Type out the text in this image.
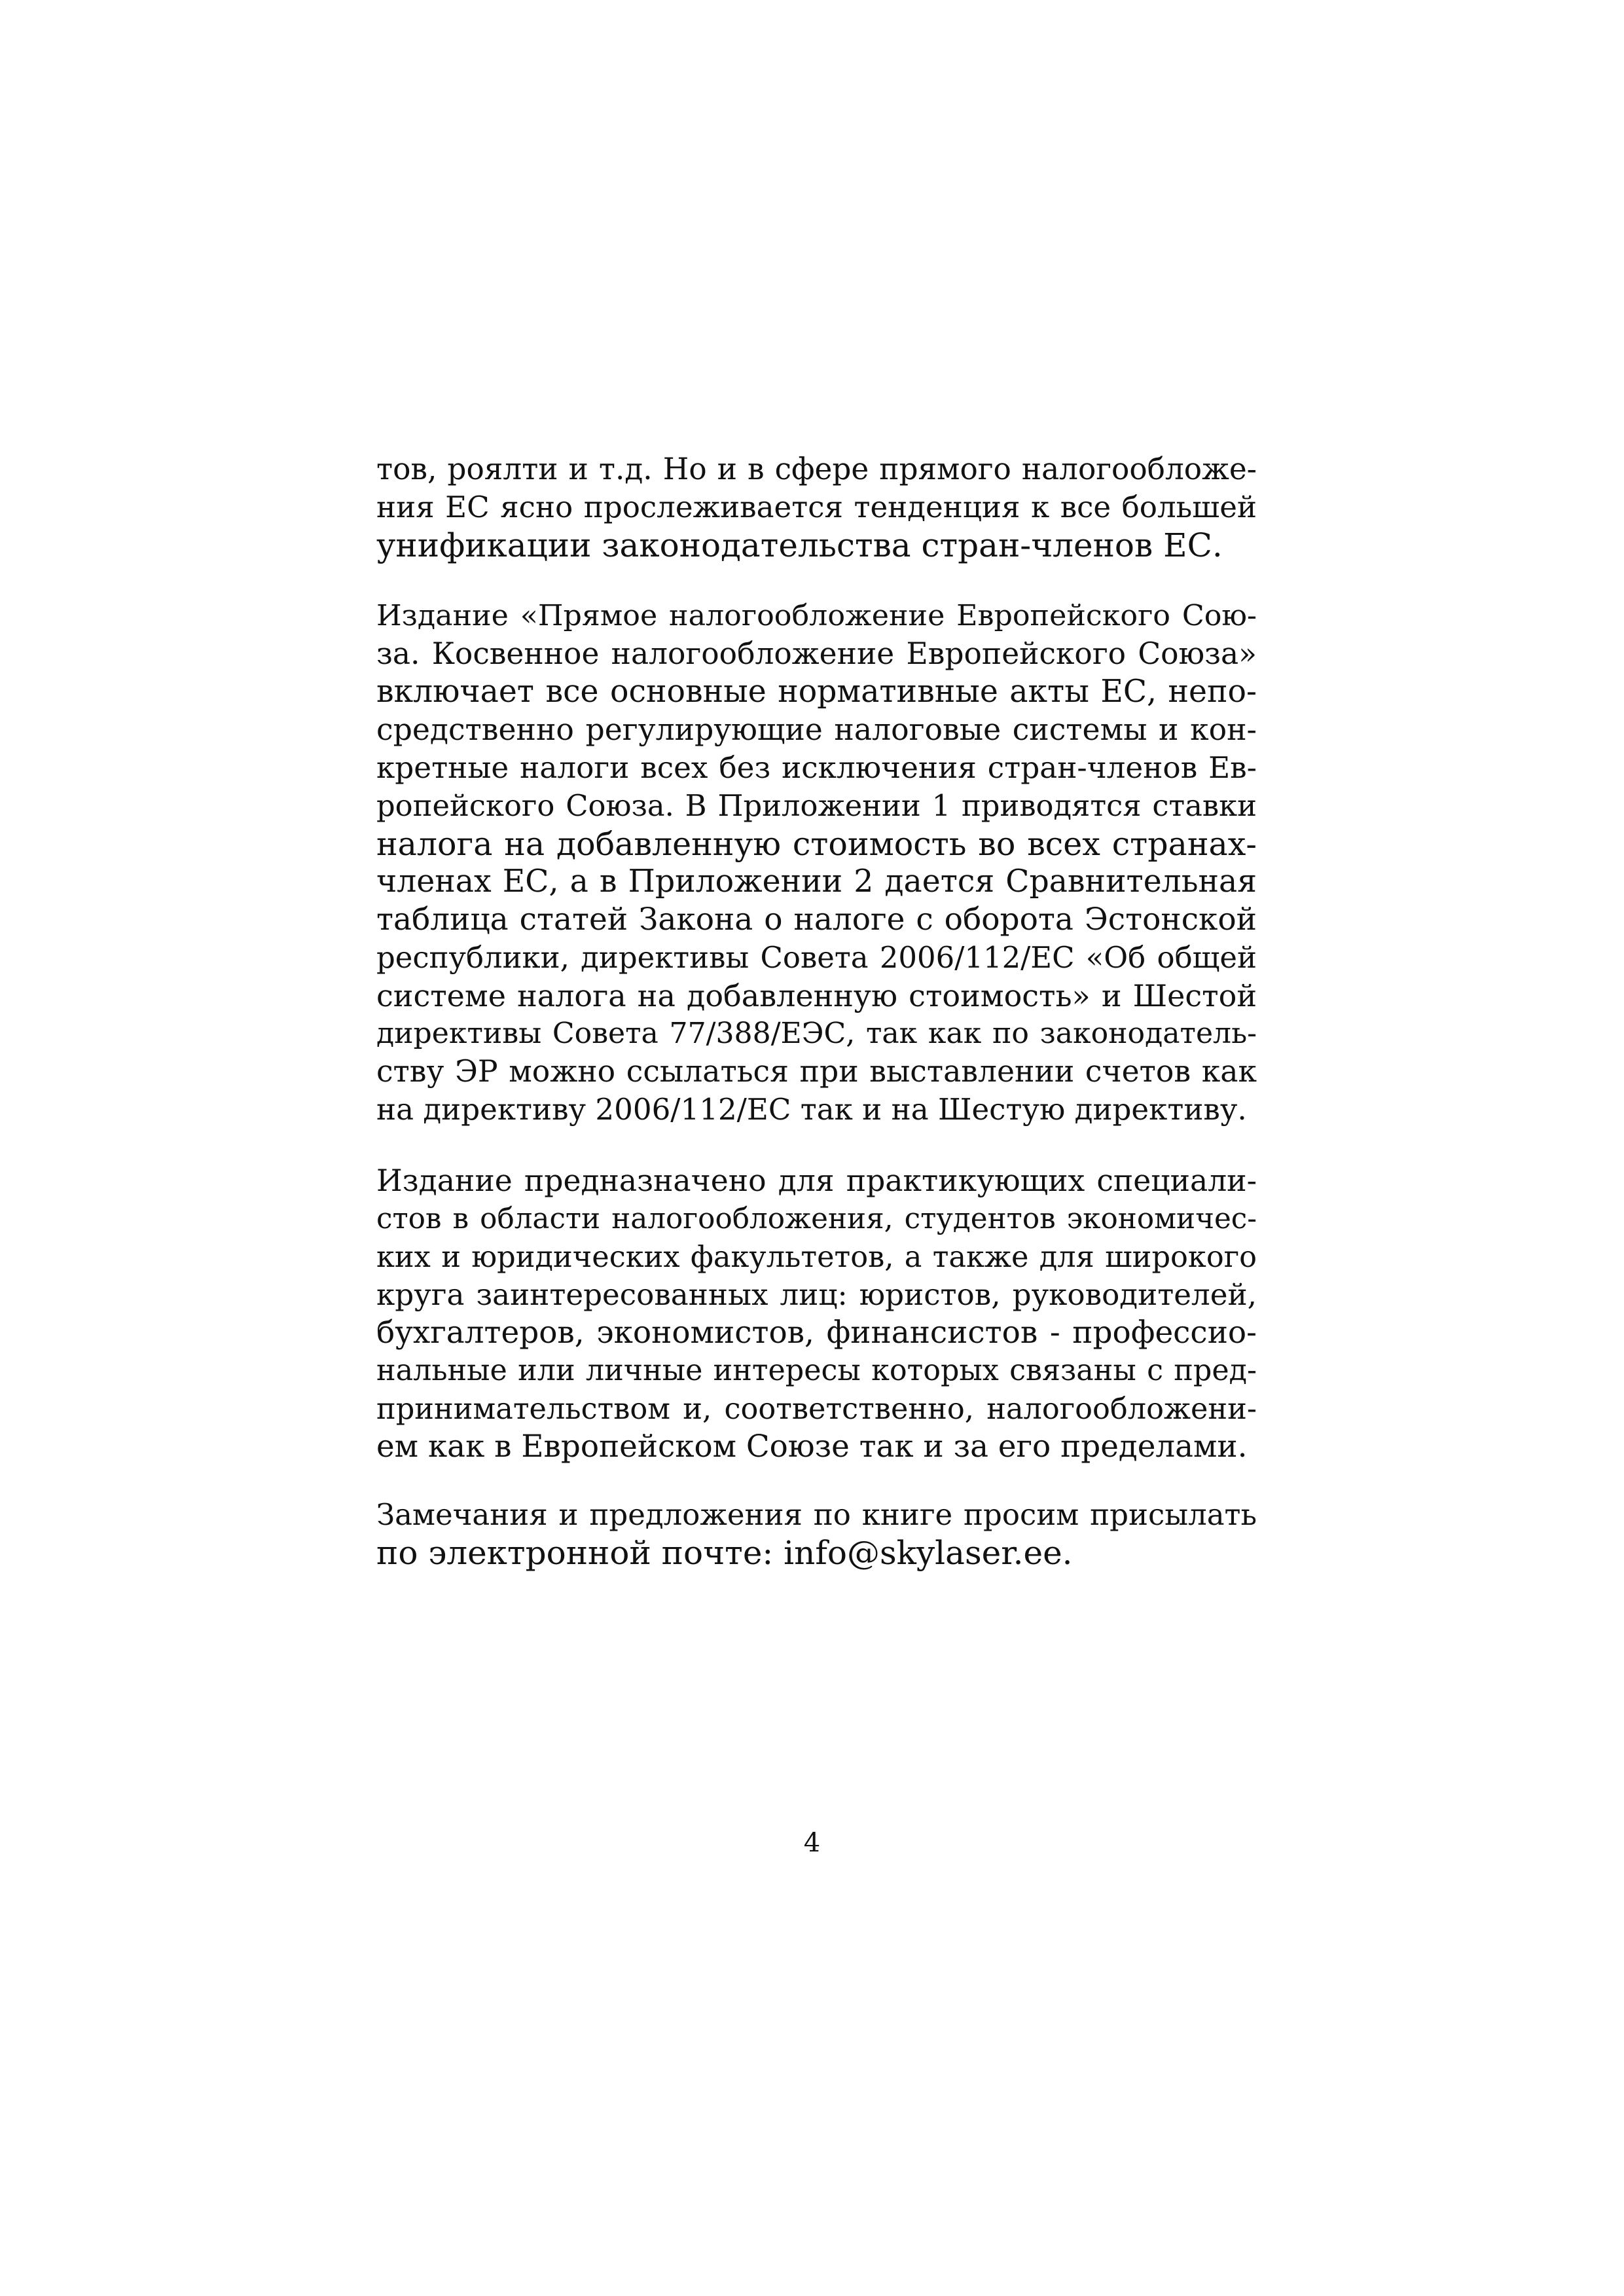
тов, роялти и т.д. Но и в сфере прямого налогообложе-
ния ЕС ясно прослеживается тенденция к все большей
унификации законодательства стран-членов ЕС.
Издание «Прямое налогообложение Европейского Сою-
за. Косвенное налогообложение Европейского Союза»
включает все основные нормативные акты ЕС, непо-
средственно регулирующие налоговые системы и кон-
кретные налоги всех без исключения стран-членов Ев-
ропейского Союза. В Приложении 1 приводятся ставки
налога на добавленную стоимость во всех странах-
членах ЕС, а в Приложении 2 дается Сравнительная
таблица статей Закона о налоге с оборота Эстонской
республики, директивы Совета 2006/112/ЕС «Об общей
системе налога на добавленную стоимость» и Шестой
директивы Совета 77/388/ЕЭС, так как по законодатель-
ству ЭР можно ссылаться при выставлении счетов как
на директиву 2006/112/ЕС так и на Шестую директиву.
Издание предназначено для практикующих специали-
стов в области налогообложения, студентов экономичес-
ких и юридических факультетов, а также для широкого
круга заинтересованных лиц: юристов, руководителей,
бухгалтеров, экономистов, финансистов - профессио-
нальные или личные интересы которых связаны с пред-
принимательством и, соответственно, налогообложени-
ем как в Европейском Союзе так и за его пределами.
Замечания и предложения по книге просим присылать
по электронной почте: info@skylaser.ee.
4
